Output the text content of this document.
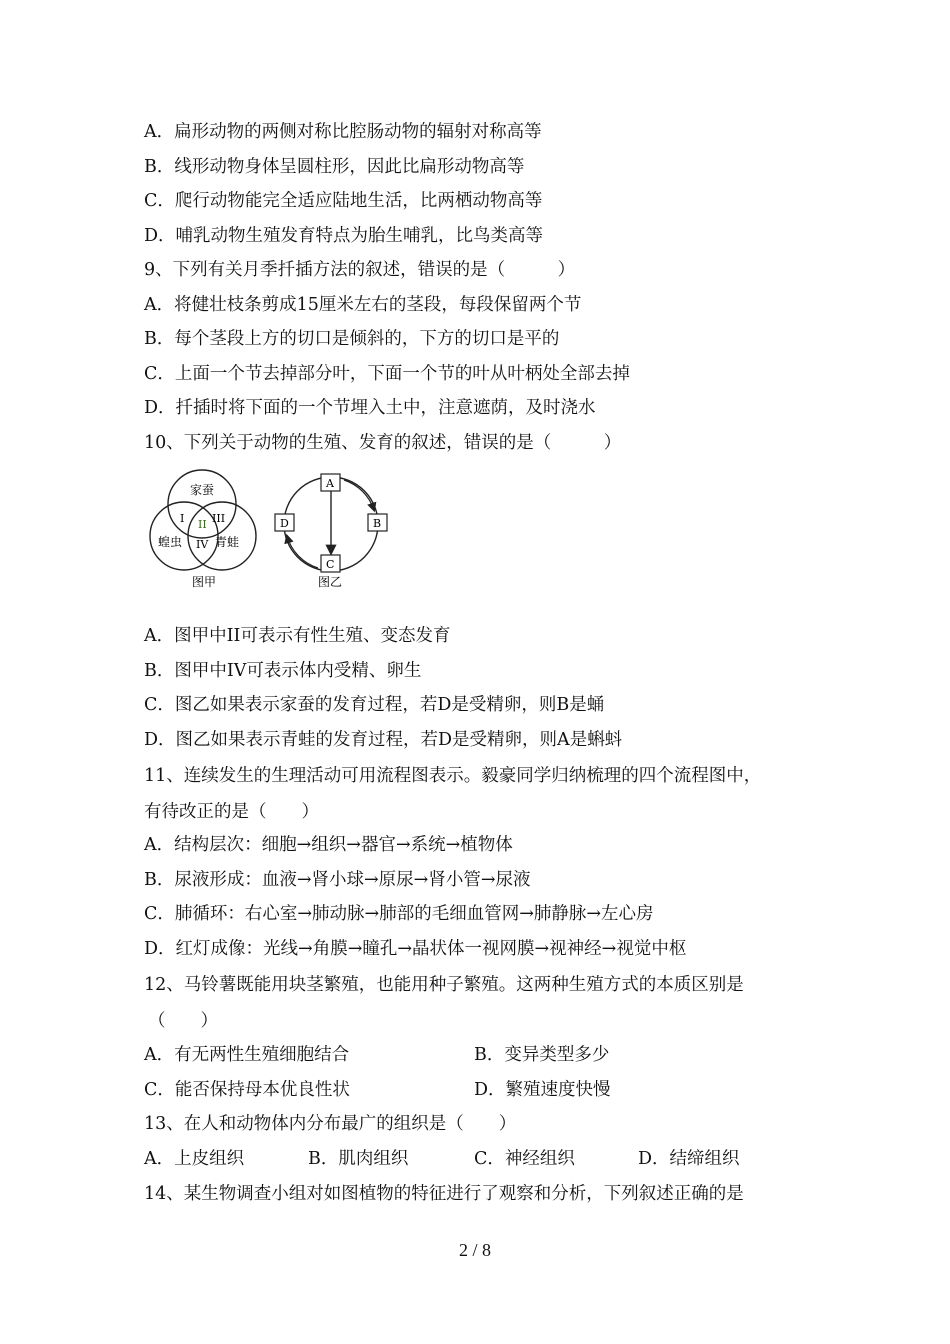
A．扁形动物的两侧对称比腔肠动物的辐射对称高等
B．线形动物身体呈圆柱形，因此比扁形动物高等
C．爬行动物能完全适应陆地生活，比两栖动物高等
D．哺乳动物生殖发育特点为胎生哺乳，比鸟类高等
9、下列有关月季扦插方法的叙述，错误的是（　　　）
A．将健壮枝条剪成15厘米左右的茎段，每段保留两个节
B．每个茎段上方的切口是倾斜的，下方的切口是平的
C．上面一个节去掉部分叶，下面一个节的叶从叶柄处全部去掉
D．扦插时将下面的一个节埋入土中，注意遮荫，及时浇水
10、下列关于动物的生殖、发育的叙述，错误的是（　　　）
家蚕
蝗虫	青蛙
I II III
IV
图甲
A
B
C
D
图乙
A．图甲中II可表示有性生殖、变态发育
B．图甲中IV可表示体内受精、卵生
C．图乙如果表示家蚕的发育过程，若D是受精卵，则B是蛹
D．图乙如果表示青蛙的发育过程，若D是受精卵，则A是蝌蚪
11、连续发生的生理活动可用流程图表示。毅豪同学归纳梳理的四个流程图中，
有待改正的是（　　）
A．结构层次：细胞→组织→器官→系统→植物体
B．尿液形成：血液→肾小球→原尿→肾小管→尿液
C．肺循环：右心室→肺动脉→肺部的毛细血管网→肺静脉→左心房
D．红灯成像：光线→角膜→瞳孔→晶状体一视网膜→视神经→视觉中枢
12、马铃薯既能用块茎繁殖，也能用种子繁殖。这两种生殖方式的本质区别是
（　　）
A．有无两性生殖细胞结合	B．变异类型多少
C．能否保持母本优良性状	D．繁殖速度快慢
13、在人和动物体内分布最广的组织是（　　）
A．上皮组织	B．肌肉组织	C．神经组织	D．结缔组织
14、某生物调查小组对如图植物的特征进行了观察和分析，下列叙述正确的是
2 / 8
